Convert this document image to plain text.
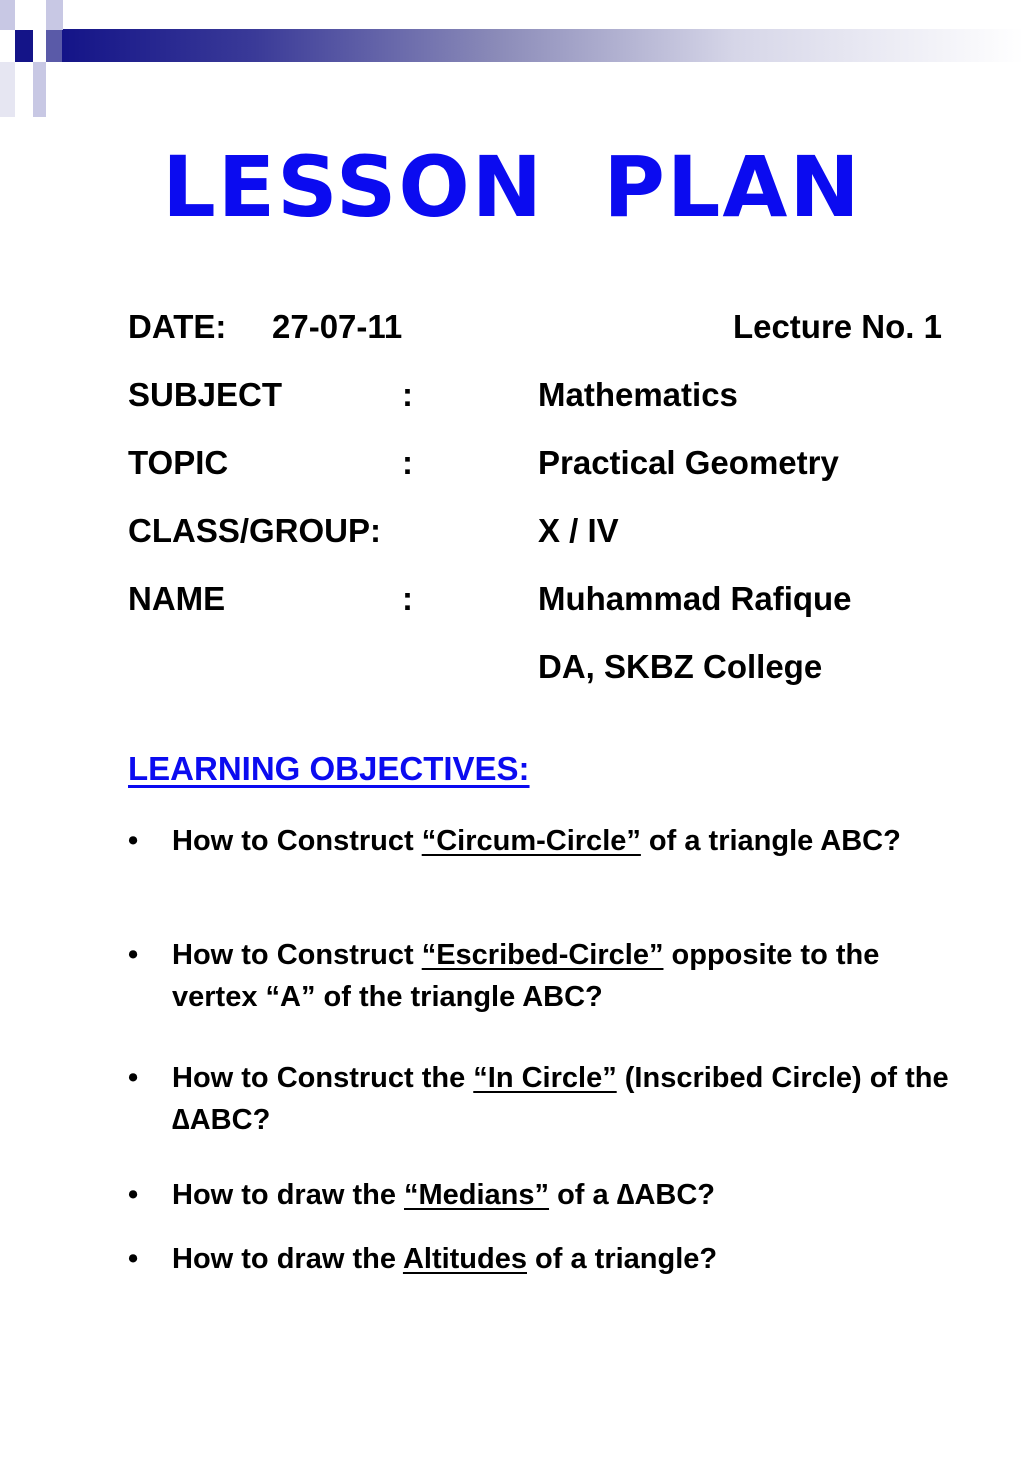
LESSON PLAN
DATE: 27-07-11	Lecture No. 1
SUBJECT	:	Mathematics
TOPIC	:	Practical Geometry
CLASS/GROUP:	X / IV
NAME	:	Muhammad Rafique
DA, SKBZ College
LEARNING OBJECTIVES:
• How to Construct “Circum-Circle” of a triangle ABC?
• How to Construct “Escribed-Circle” opposite to the vertex “A” of the triangle ABC?
• How to Construct the “In Circle” (Inscribed Circle) of the ∆ABC?
• How to draw the “Medians” of a ∆ABC?
• How to draw the Altitudes of a triangle?
